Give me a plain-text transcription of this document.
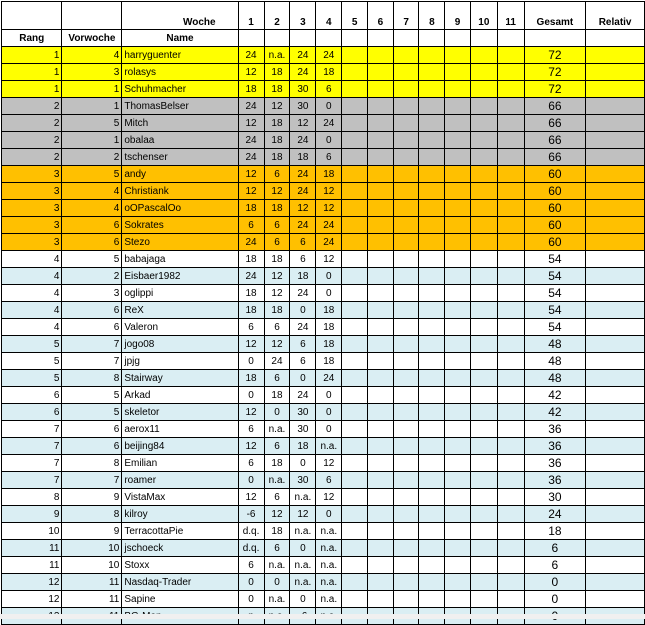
		Woche	1	2	3	4	5	6	7	8	9	10	11	Gesamt	Relativ
Rang	Vorwoche	Name													
1	4	harryguenter	24	n.a.	24	24								72	
1	3	rolasys	12	18	24	18								72	
1	1	Schuhmacher	18	18	30	6								72	
2	1	ThomasBelser	24	12	30	0								66	
2	5	Mitch	12	18	12	24								66	
2	1	obalaa	24	18	24	0								66	
2	2	tschenser	24	18	18	6								66	
3	5	andy	12	6	24	18								60	
3	4	Christiank	12	12	24	12								60	
3	4	oOPascalOo	18	18	12	12								60	
3	6	Sokrates	6	6	24	24								60	
3	6	Stezo	24	6	6	24								60	
4	5	babajaga	18	18	6	12								54	
4	2	Eisbaer1982	24	12	18	0								54	
4	3	oglippi	18	12	24	0								54	
4	6	ReX	18	18	0	18								54	
4	6	Valeron	6	6	24	18								54	
5	7	jogo08	12	12	6	18								48	
5	7	jpjg	0	24	6	18								48	
5	8	Stairway	18	6	0	24								48	
6	5	Arkad	0	18	24	0								42	
6	5	skeletor	12	0	30	0								42	
7	6	aerox11	6	n.a.	30	0								36	
7	6	beijing84	12	6	18	n.a.								36	
7	8	Emilian	6	18	0	12								36	
7	7	roamer	0	n.a.	30	6								36	
8	9	VistaMax	12	6	n.a.	12								30	
9	8	kilroy	-6	12	12	0								24	
10	9	TerracottaPie	d.q.	18	n.a.	n.a.								18	
11	10	jschoeck	d.q.	6	0	n.a.								6	
11	10	Stoxx	6	n.a.	n.a.	n.a.								6	
12	11	Nasdaq-Trader	0	0	n.a.	n.a.								0	
12	11	Sapine	0	n.a.	0	n.a.								0	
